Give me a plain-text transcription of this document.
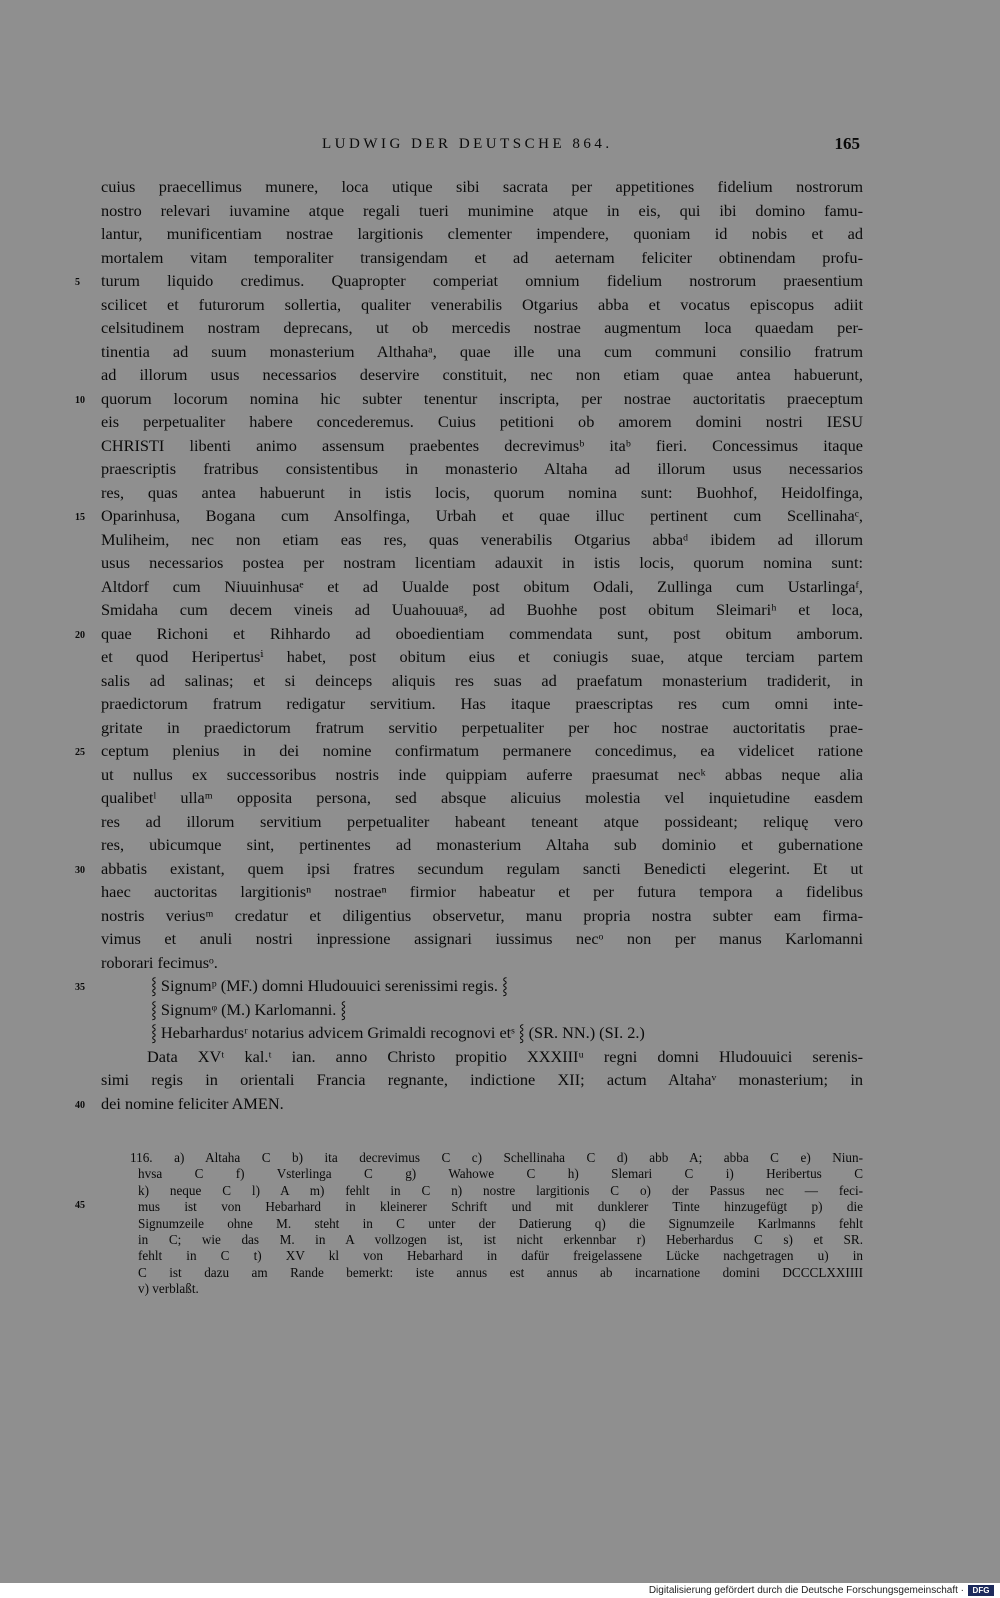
LUDWIG DER DEUTSCHE 864.	165
cuius praecellimus munere, loca utique sibi sacrata per appetitiones fidelium nostrorum
nostro relevari iuvamine atque regali tueri munimine atque in eis, qui ibi domino famu-
lantur, munificentiam nostrae largitionis clementer impendere, quoniam id nobis et ad
mortalem vitam temporaliter transigendam et ad aeternam feliciter obtinendam profu-
turum liquido credimus. Quapropter comperiat omnium fidelium nostrorum praesentium
scilicet et futurorum sollertia, qualiter venerabilis Otgarius abba et vocatus episcopus adiit
celsitudinem nostram deprecans, ut ob mercedis nostrae augmentum loca quaedam per-
tinentia ad suum monasterium Althahaᵃ, quae ille una cum communi consilio fratrum
ad illorum usus necessarios deservire constituit, nec non etiam quae antea habuerunt,
quorum locorum nomina hic subter tenentur inscripta, per nostrae auctoritatis praeceptum
eis perpetualiter habere concederemus. Cuius petitioni ob amorem domini nostri IESU
CHRISTI libenti animo assensum praebentes decrevimusᵇ itaᵇ fieri. Concessimus itaque
praescriptis fratribus consistentibus in monasterio Altaha ad illorum usus necessarios
res, quas antea habuerunt in istis locis, quorum nomina sunt: Buohhof, Heidolfinga,
Oparinhusa, Bogana cum Ansolfinga, Urbah et quae illuc pertinent cum Scellinahaᶜ,
Muliheim, nec non etiam eas res, quas venerabilis Otgarius abbaᵈ ibidem ad illorum
usus necessarios postea per nostram licentiam adauxit in istis locis, quorum nomina sunt:
Altdorf cum Niuuinhusaᵉ et ad Uualde post obitum Odali, Zullinga cum Ustarlingaᶠ,
Smidaha cum decem vineis ad Uuahouuaᵍ, ad Buohhe post obitum Sleimariʰ et loca,
quae Richoni et Rihhardo ad oboedientiam commendata sunt, post obitum amborum.
et quod Heripertusⁱ habet, post obitum eius et coniugis suae, atque terciam partem
salis ad salinas; et si deinceps aliquis res suas ad praefatum monasterium tradiderit, in
praedictorum fratrum redigatur servitium. Has itaque praescriptas res cum omni inte-
gritate in praedictorum fratrum servitio perpetualiter per hoc nostrae auctoritatis prae-
ceptum plenius in dei nomine confirmatum permanere concedimus, ea videlicet ratione
ut nullus ex successoribus nostris inde quippiam auferre praesumat necᵏ abbas neque alia
qualibetˡ ullaᵐ opposita persona, sed absque alicuius molestia vel inquietudine easdem
res ad illorum servitium perpetualiter habeant teneant atque possideant; reliquę vero
res, ubicumque sint, pertinentes ad monasterium Altaha sub dominio et gubernatione
abbatis existant, quem ipsi fratres secundum regulam sancti Benedicti elegerint. Et ut
haec auctoritas largitionisⁿ nostraeⁿ firmior habeatur et per futura tempora a fidelibus
nostris veriusᵐ credatur et diligentius observetur, manu propria nostra subter eam firma-
vimus et anuli nostri inpressione assignari iussimus necᵒ non per manus Karlomanni
roborari fecimusᵒ.
⸾ Signumᵖ (MF.) domni Hludouuici serenissimi regis. ⸾
⸾ Signumᵠ (M.) Karlomanni. ⸾
⸾ Hebarhardusʳ notarius advicem Grimaldi recognovi etˢ ⸾ (SR. NN.) (SI. 2.)
Data XVᵗ kal.ᵗ ian. anno Christo propitio XXXIIIᵘ regni domni Hludouuici serenis-
simi regis in orientali Francia regnante, indictione XII; actum Altahaᵛ monasterium; in
dei nomine feliciter AMEN.
5
10
15
20
25
30
35
40
116. a) Altaha C b) ita decrevimus C c) Schellinaha C d) abb A; abba C e) Niun-
hvsa C f) Vsterlinga C g) Wahowe C h) Slemari C i) Heribertus C
k) neque C l) A m) fehlt in C n) nostre largitionis C o) der Passus nec — feci-
mus ist von Hebarhard in kleinerer Schrift und mit dunklerer Tinte hinzugefügt p) die
Signumzeile ohne M. steht in C unter der Datierung q) die Signumzeile Karlmanns fehlt
in C; wie das M. in A vollzogen ist, ist nicht erkennbar r) Heberhardus C s) et SR.
fehlt in C t) XV kl von Hebarhard in dafür freigelassene Lücke nachgetragen u) in
C ist dazu am Rande bemerkt: iste annus est annus ab incarnatione domini DCCCLXXIIII
v) verblaßt.
45
Digitalisierung gefördert durch die Deutsche Forschungsgemeinschaft ·	DFG
